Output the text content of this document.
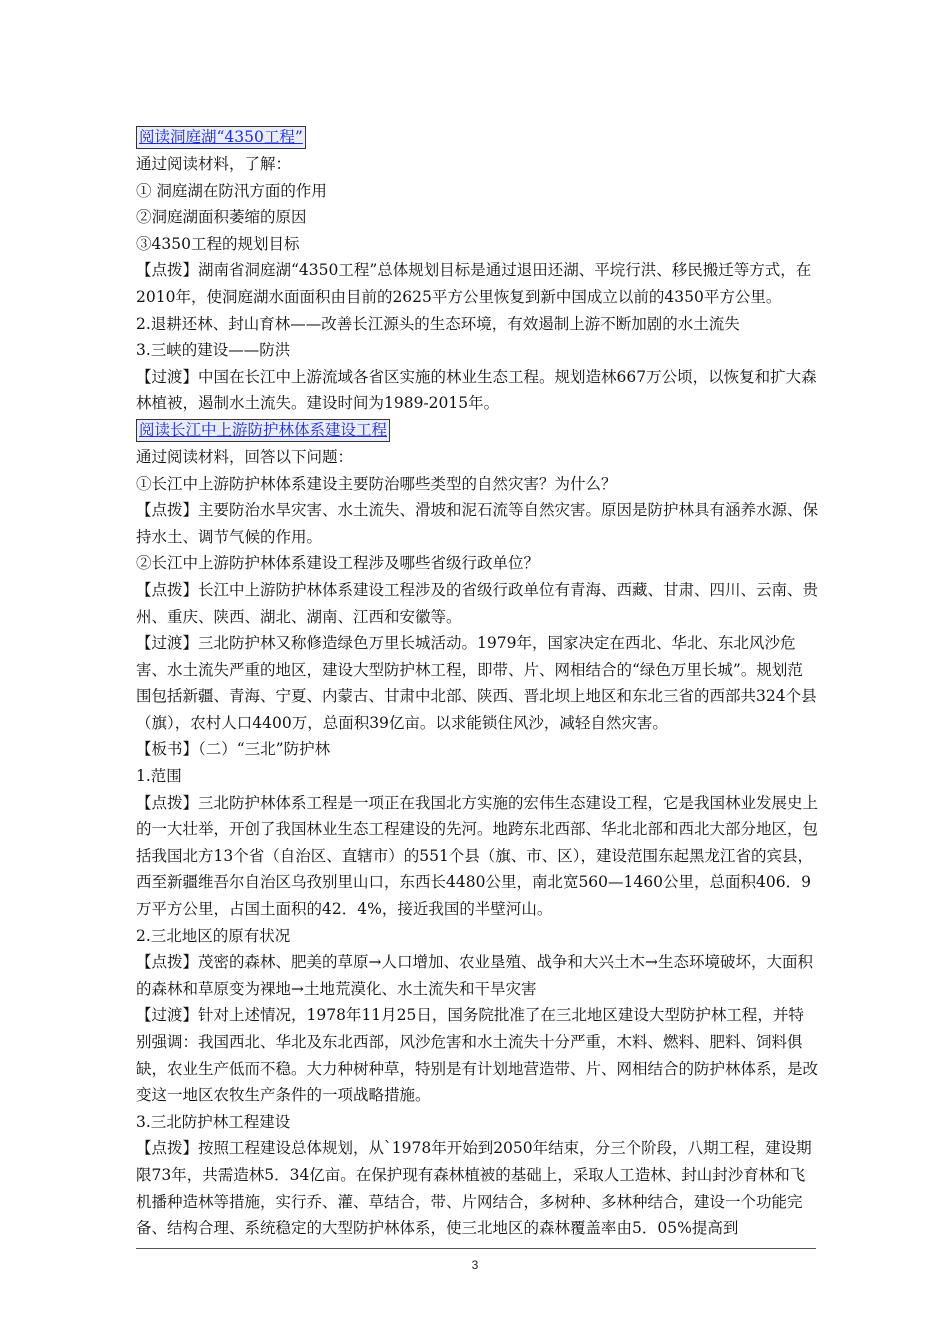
阅读洞庭湖“4350工程”

通过阅读材料，了解：

① 洞庭湖在防汛方面的作用

②洞庭湖面积萎缩的原因

③4350工程的规划目标

【点拨】湖南省洞庭湖“4350工程”总体规划目标是通过退田还湖、平垸行洪、移民搬迁等方式，在2010年，使洞庭湖水面面积由目前的2625平方公里恢复到新中国成立以前的4350平方公里。

2.退耕还林、封山育林——改善长江源头的生态环境，有效遏制上游不断加剧的水土流失

3.三峡的建设——防洪

【过渡】中国在长江中上游流域各省区实施的林业生态工程。规划造林667万公顷，以恢复和扩大森林植被，遏制水土流失。建设时间为1989-2015年。

阅读长江中上游防护林体系建设工程

通过阅读材料，回答以下问题：

①长江中上游防护林体系建设主要防治哪些类型的自然灾害？为什么？

【点拨】主要防治水旱灾害、水土流失、滑坡和泥石流等自然灾害。原因是防护林具有涵养水源、保持水土、调节气候的作用。

②长江中上游防护林体系建设工程涉及哪些省级行政单位？

【点拨】长江中上游防护林体系建设工程涉及的省级行政单位有青海、西藏、甘肃、四川、云南、贵州、重庆、陕西、湖北、湖南、江西和安徽等。

【过渡】三北防护林又称修造绿色万里长城活动。1979年，国家决定在西北、华北、东北风沙危害、水土流失严重的地区，建设大型防护林工程，即带、片、网相结合的“绿色万里长城”。规划范围包括新疆、青海、宁夏、内蒙古、甘肃中北部、陕西、晋北坝上地区和东北三省的西部共324个县（旗），农村人口4400万，总面积39亿亩。以求能锁住风沙，减轻自然灾害。

【板书】（二）“三北”防护林

1.范围

【点拨】三北防护林体系工程是一项正在我国北方实施的宏伟生态建设工程，它是我国林业发展史上的一大壮举，开创了我国林业生态工程建设的先河。地跨东北西部、华北北部和西北大部分地区，包括我国北方13个省（自治区、直辖市）的551个县（旗、市、区），建设范围东起黑龙江省的宾县，西至新疆维吾尔自治区乌孜别里山口，东西长4480公里，南北宽560—1460公里，总面积406．9万平方公里，占国土面积的42．4%，接近我国的半壁河山。

2.三北地区的原有状况

【点拨】茂密的森林、肥美的草原→人口增加、农业垦殖、战争和大兴土木→生态环境破坏，大面积的森林和草原变为裸地→土地荒漠化、水土流失和干旱灾害

【过渡】针对上述情况，1978年11月25日，国务院批准了在三北地区建设大型防护林工程，并特别强调：我国西北、华北及东北西部，风沙危害和水土流失十分严重，木料、燃料、肥料、饲料俱缺，农业生产低而不稳。大力种树种草，特别是有计划地营造带、片、网相结合的防护林体系，是改变这一地区农牧生产条件的一项战略措施。

3.三北防护林工程建设

【点拨】按照工程建设总体规划，从`1978年开始到2050年结束，分三个阶段，八期工程，建设期限73年，共需造林5．34亿亩。在保护现有森林植被的基础上，采取人工造林、封山封沙育林和飞机播种造林等措施，实行乔、灌、草结合，带、片网结合，多树种、多林种结合，建设一个功能完备、结构合理、系统稳定的大型防护林体系，使三北地区的森林覆盖率由5．05%提高到

3
